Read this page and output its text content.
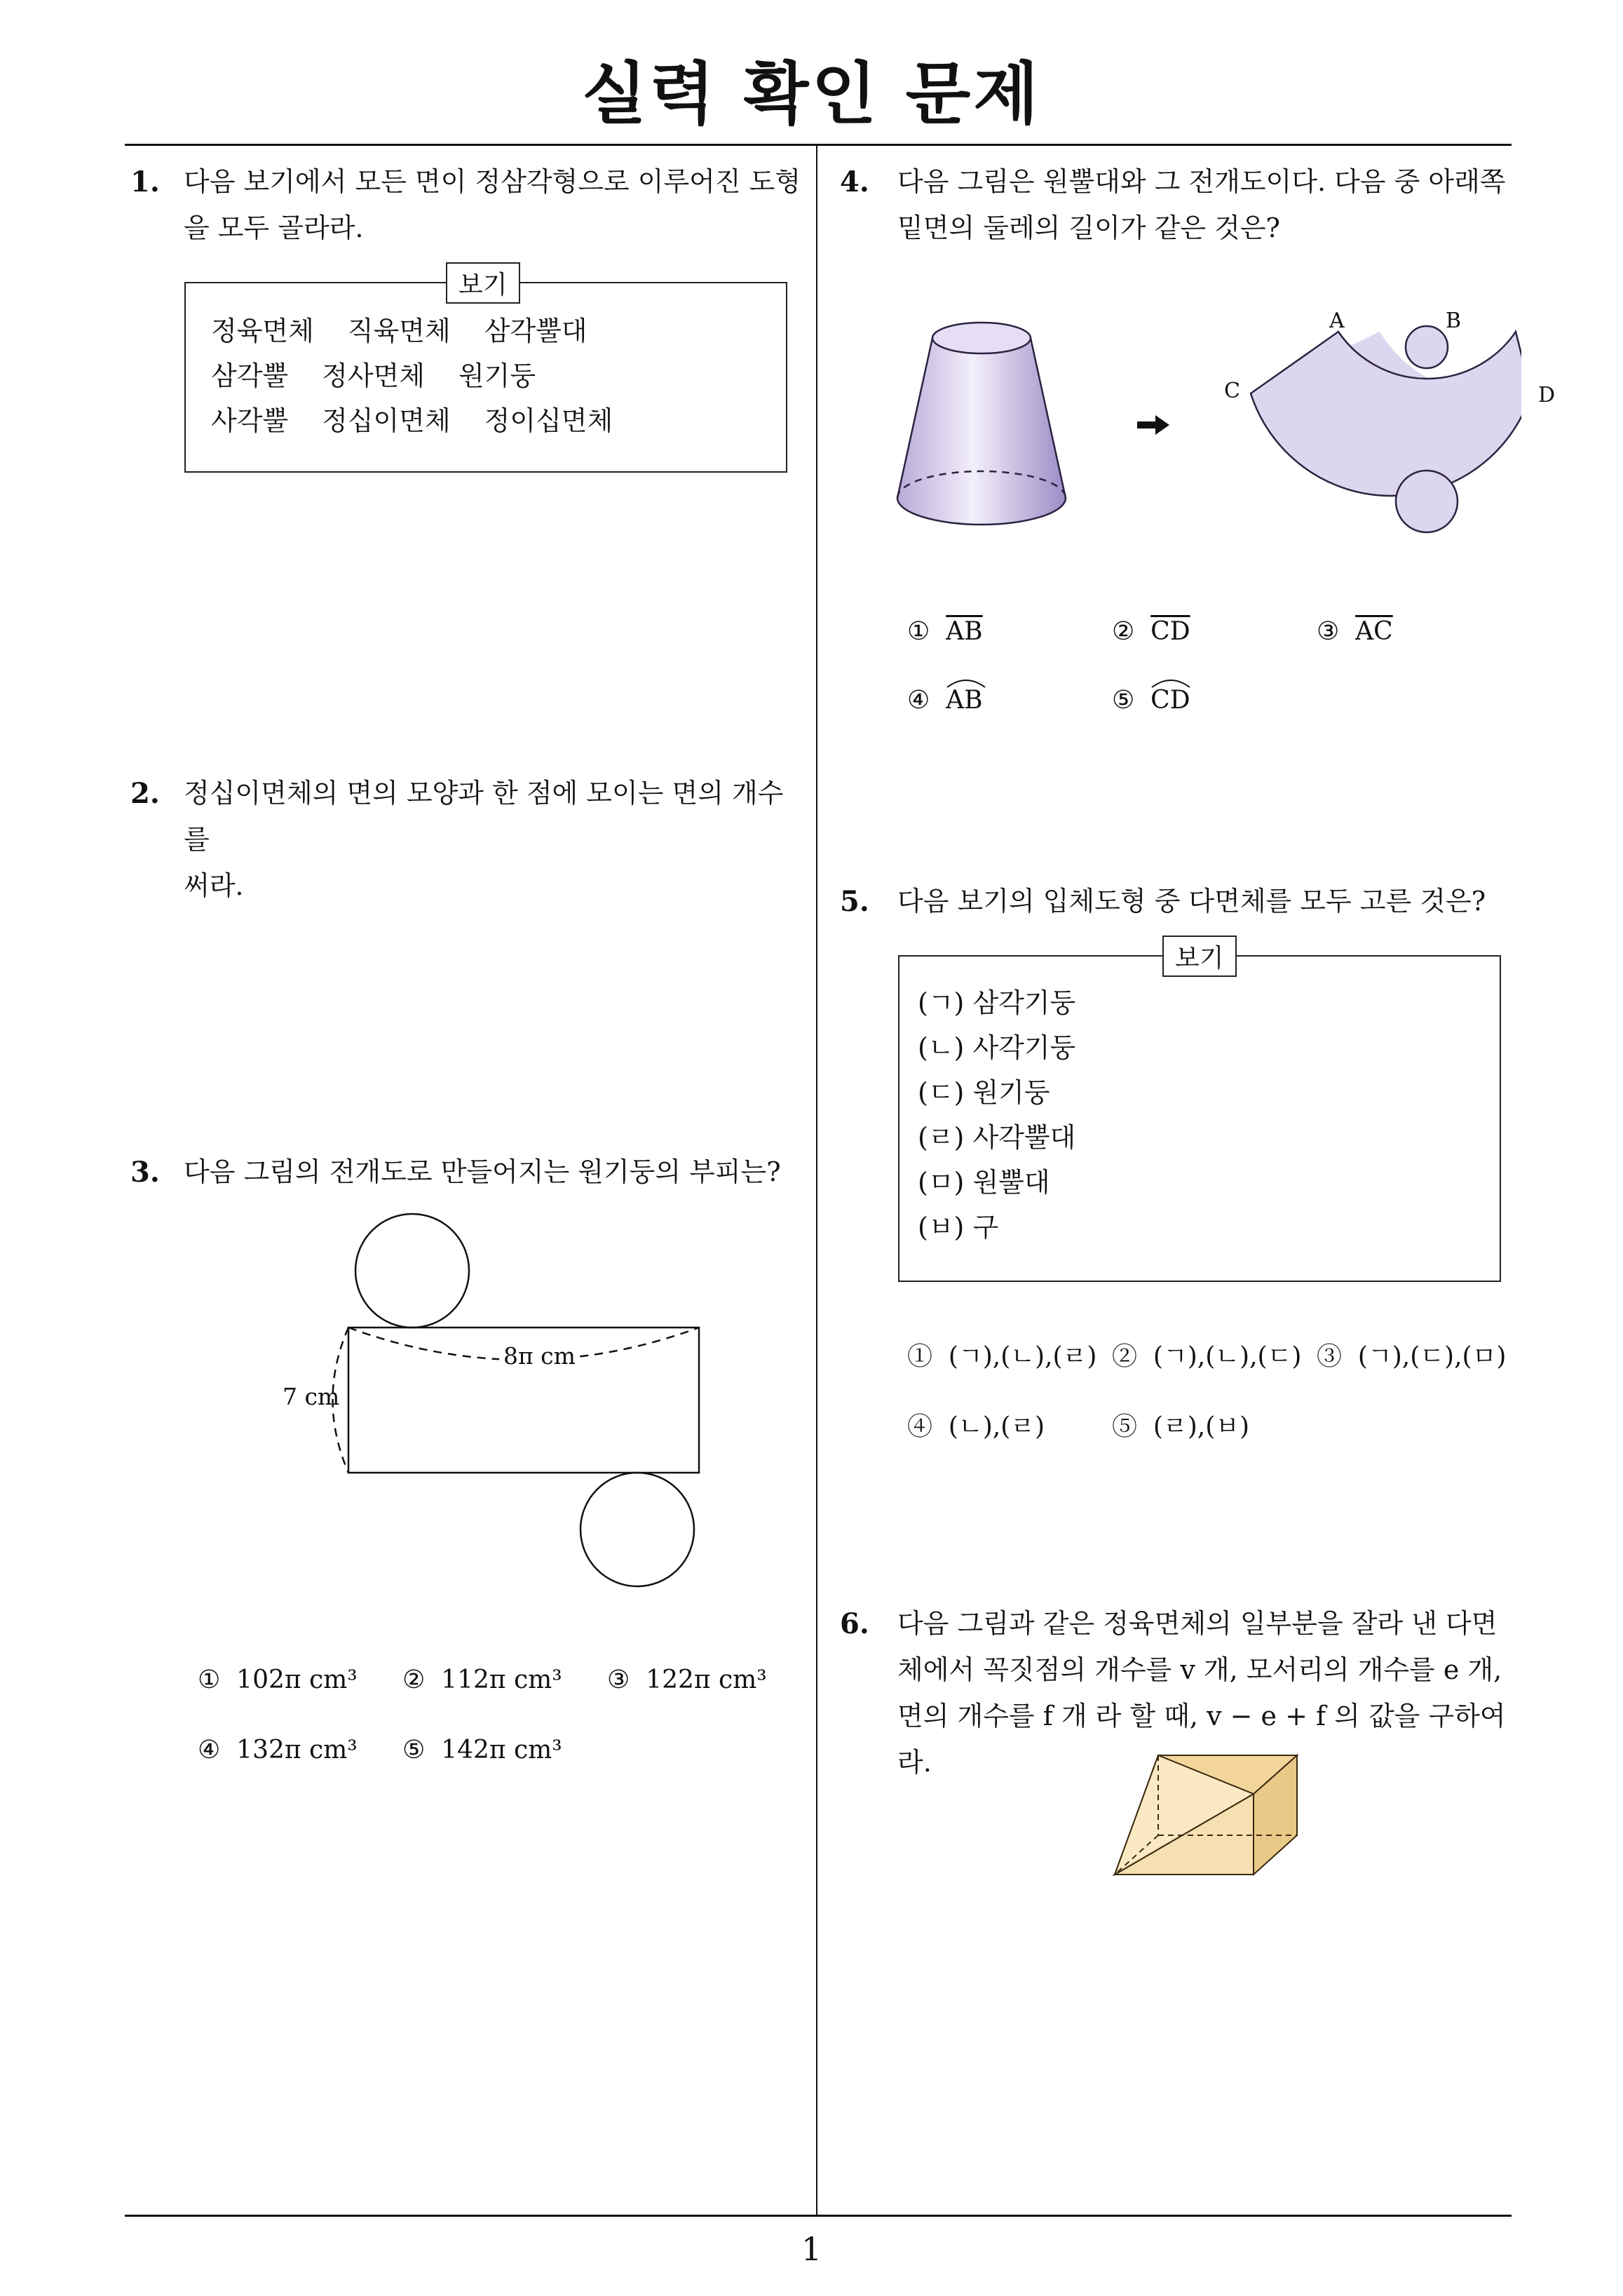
실력 확인 문제
1
1. 다음 보기에서 모든 면이 정삼각형으로 이루어진 도형
을 모두 골라라.
정육면체 직육면체 삼각뿔대
삼각뿔 정사면체 원기둥
사각뿔 정십이면체 정이십면체
보기
2. 정십이면체의 면의 모양과 한 점에 모이는 면의 개수를
써라.
3. 다음 그림의 전개도로 만들어지는 원기둥의 부피는?
8π cm
7 cm
① 102π cm³ ② 112π cm³ ③ 122π cm³
④ 132π cm³ ⑤ 142π cm³
4. 다음 그림은 원뿔대와 그 전개도이다. 다음 중 아래쪽
밑면의 둘레의 길이가 같은 것은?
A	B
C	D
① $\overline{AB}$	② $\overline{CD}$	③ $\overline{AC}$
④ AB	⑤ CD
5. 다음 보기의 입체도형 중 다면체를 모두 고른 것은?
(ㄱ) 삼각기둥
(ㄴ) 사각기둥
(ㄷ) 원기둥
(ㄹ) 사각뿔대
(ㅁ) 원뿔대
(ㅂ) 구
보기
① (ㄱ),(ㄴ),(ㄹ) ② (ㄱ),(ㄴ),(ㄷ) ③ (ㄱ),(ㄷ),(ㅁ)
④ (ㄴ),(ㄹ)	⑤ (ㄹ),(ㅂ)
6. 다음 그림과 같은 정육면체의 일부분을 잘라 낸 다면
체에서 꼭짓점의 개수를 v 개, 모서리의 개수를 e 개,
면의 개수를 f 개 라 할 때, v − e + f 의 값을 구하여라.
